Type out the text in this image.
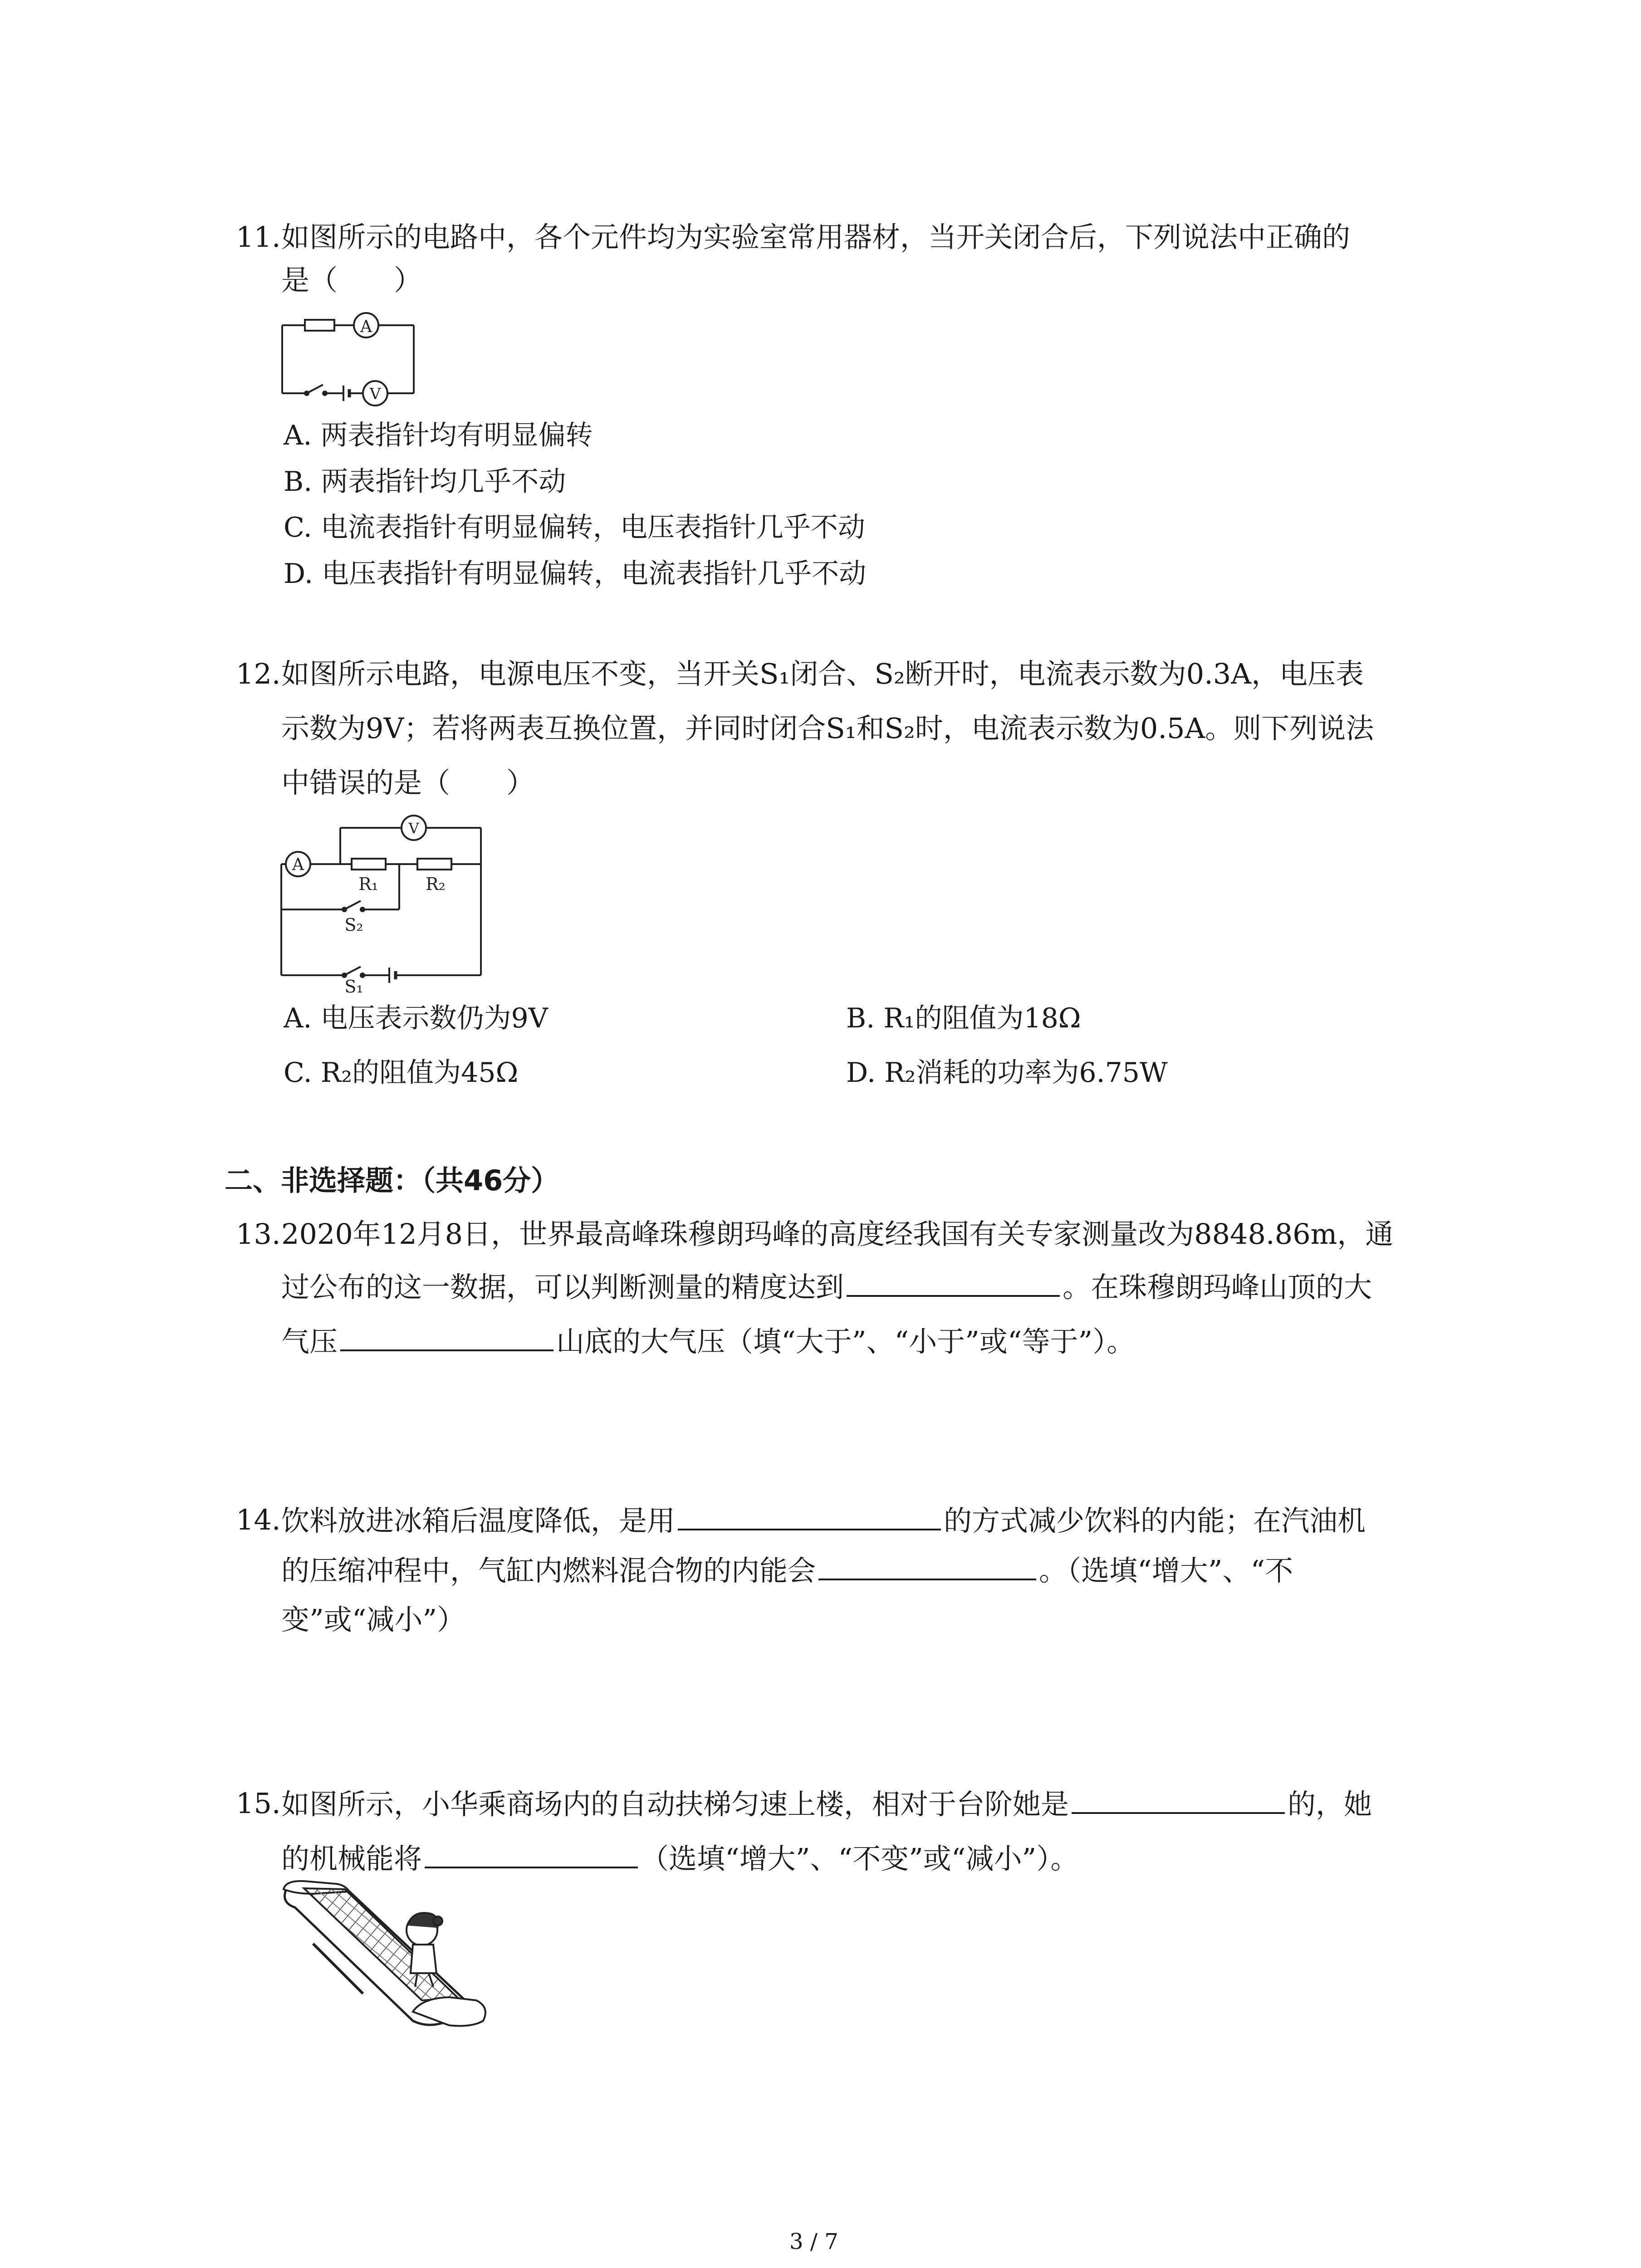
11. 如图所示的电路中，各个元件均为实验室常用器材，当开关闭合后，下列说法中正确的
是（　　）
A
V
A. 两表指针均有明显偏转
B. 两表指针均几乎不动
C. 电流表指针有明显偏转，电压表指针几乎不动
D. 电压表指针有明显偏转，电流表指针几乎不动
12. 如图所示电路，电源电压不变，当开关S₁闭合、S₂断开时，电流表示数为0.3A，电压表
示数为9V；若将两表互换位置，并同时闭合S₁和S₂时，电流表示数为0.5A。则下列说法
中错误的是（　　）
V
A
R₁	R₂
S₂
S₁
A. 电压表示数仍为9V	B. R₁的阻值为18Ω
C. R₂的阻值为45Ω	D. R₂消耗的功率为6.75W
二、非选择题：（共46分）
13. 2020年12月8日，世界最高峰珠穆朗玛峰的高度经我国有关专家测量改为8848.86m，通
过公布的这一数据，可以判断测量的精度达到	。在珠穆朗玛峰山顶的大
气压	山底的大气压（填“大于”、“小于”或“等于”）。
14. 饮料放进冰箱后温度降低，是用	的方式减少饮料的内能；在汽油机
的压缩冲程中，气缸内燃料混合物的内能会	。（选填“增大”、“不
变”或“减小”）
15. 如图所示，小华乘商场内的自动扶梯匀速上楼，相对于台阶她是	的，她
的机械能将	（选填“增大”、“不变”或“减小”）。
3 / 7
